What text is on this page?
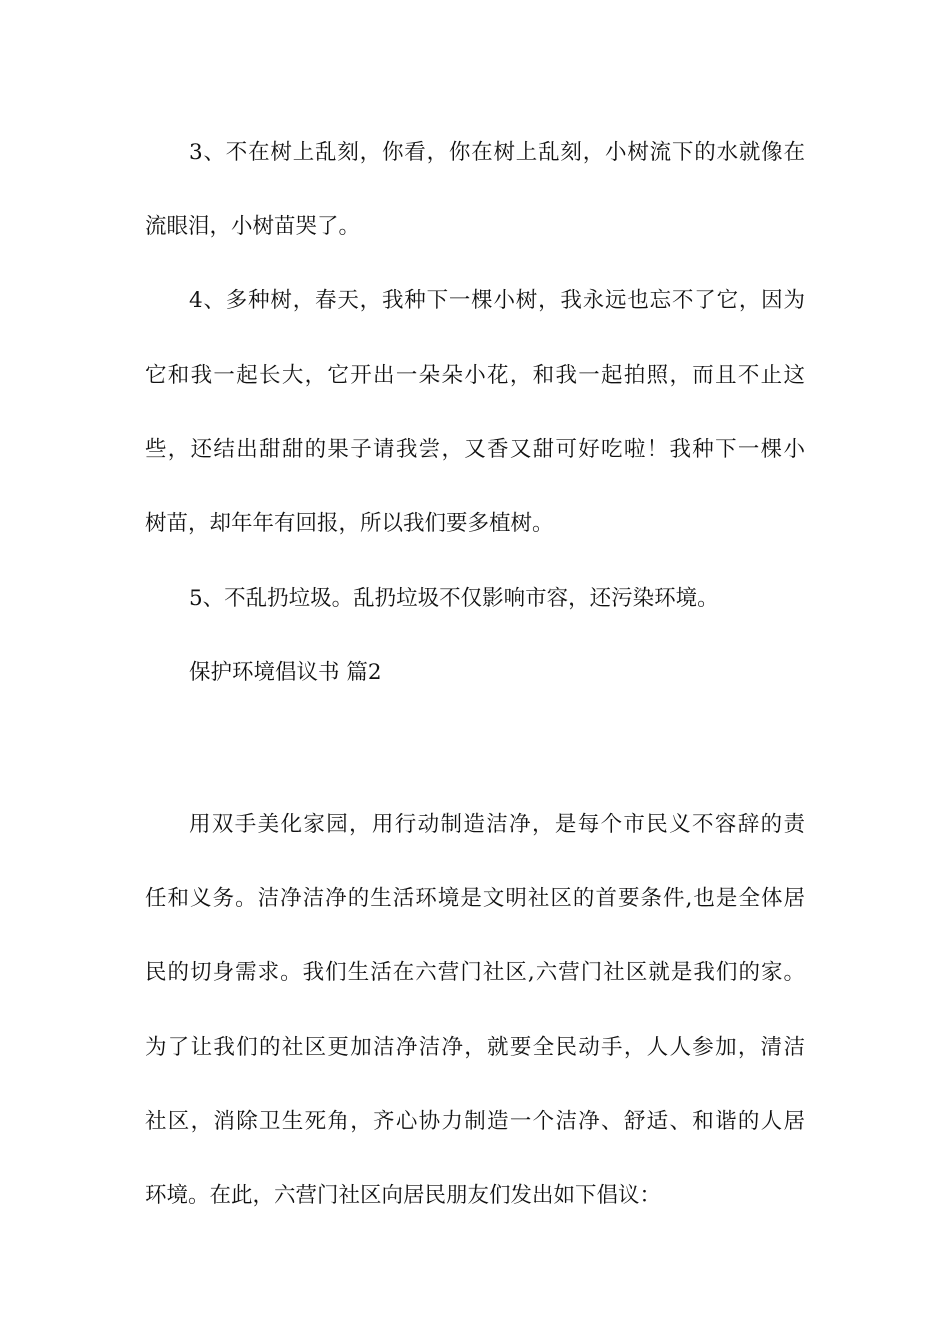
3、不在树上乱刻，你看，你在树上乱刻，小树流下的水就像在
流眼泪，小树苗哭了。
4、多种树，春天，我种下一棵小树，我永远也忘不了它，因为
它和我一起长大，它开出一朵朵小花，和我一起拍照，而且不止这
些，还结出甜甜的果子请我尝，又香又甜可好吃啦！我种下一棵小
树苗，却年年有回报，所以我们要多植树。
5、不乱扔垃圾。乱扔垃圾不仅影响市容，还污染环境。
保护环境倡议书 篇2
用双手美化家园，用行动制造洁净，是每个市民义不容辞的责
任和义务。洁净洁净的生活环境是文明社区的首要条件,也是全体居
民的切身需求。我们生活在六营门社区,六营门社区就是我们的家。
为了让我们的社区更加洁净洁净，就要全民动手，人人参加，清洁
社区，消除卫生死角，齐心协力制造一个洁净、舒适、和谐的人居
环境。在此，六营门社区向居民朋友们发出如下倡议：
